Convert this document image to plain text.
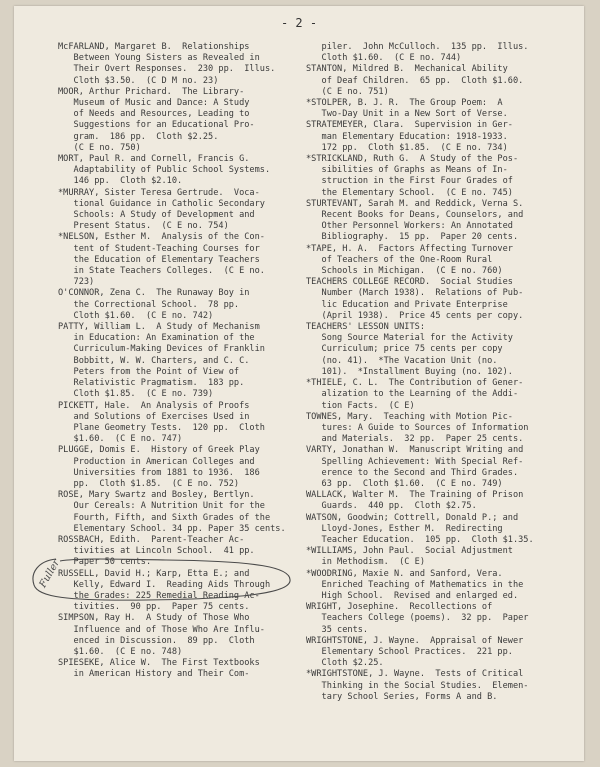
- 2 -

McFARLAND, Margaret B.  Relationships
Between Young Sisters as Revealed in
Their Overt Responses.  230 pp.  Illus.
Cloth $3.50.  (C D M no. 23)

MOOR, Arthur Prichard.  The Library-
Museum of Music and Dance: A Study
of Needs and Resources, Leading to
Suggestions for an Educational Pro-
gram.  186 pp.  Cloth $2.25.
(C E no. 750)

MORT, Paul R. and Cornell, Francis G.
Adaptability of Public School Systems.
146 pp.  Cloth $2.10.

*MURRAY, Sister Teresa Gertrude.  Voca-
tional Guidance in Catholic Secondary
Schools: A Study of Development and
Present Status.  (C E no. 754)

*NELSON, Esther M.  Analysis of the Con-
tent of Student-Teaching Courses for
the Education of Elementary Teachers
in State Teachers Colleges.  (C E no.
723)

O'CONNOR, Zena C.  The Runaway Boy in
the Correctional School.  78 pp.
Cloth $1.60.  (C E no. 742)

PATTY, William L.  A Study of Mechanism
in Education: An Examination of the
Curriculum-Making Devices of Franklin
Bobbitt, W. W. Charters, and C. C.
Peters from the Point of View of
Relativistic Pragmatism.  183 pp.
Cloth $1.85.  (C E no. 739)

PICKETT, Hale.  An Analysis of Proofs
and Solutions of Exercises Used in
Plane Geometry Tests.  120 pp.  Cloth
$1.60.  (C E no. 747)

PLUGGE, Domis E.  History of Greek Play
Production in American Colleges and
Universities from 1881 to 1936.  186
pp.  Cloth $1.85.  (C E no. 752)

ROSE, Mary Swartz and Bosley, Bertlyn.
Our Cereals: A Nutrition Unit for the
Fourth, Fifth, and Sixth Grades of the
Elementary School. 34 pp. Paper 35 cents.

ROSSBACH, Edith.  Parent-Teacher Ac-
tivities at Lincoln School.  41 pp.
Paper 50 cents.

RUSSELL, David H.; Karp, Etta E.; and
Kelly, Edward I.  Reading Aids Through
the Grades: 225 Remedial Reading Ac-
tivities.  90 pp.  Paper 75 cents.

SIMPSON, Ray H.  A Study of Those Who
Influence and of Those Who Are Influ-
enced in Discussion.  89 pp.  Cloth
$1.60.  (C E no. 748)

SPIESEKE, Alice W.  The First Textbooks
in American History and Their Com-

piler.  John McCulloch.  135 pp.  Illus.
Cloth $1.60.  (C E no. 744)

STANTON, Mildred B.  Mechanical Ability
of Deaf Children.  65 pp.  Cloth $1.60.
(C E no. 751)

*STOLPER, B. J. R.  The Group Poem:  A
Two-Day Unit in a New Sort of Verse.

STRATEMEYER, Clara.  Supervision in Ger-
man Elementary Education: 1918-1933.
172 pp.  Cloth $1.85.  (C E no. 734)

*STRICKLAND, Ruth G.  A Study of the Pos-
sibilities of Graphs as Means of In-
struction in the First Four Grades of
the Elementary School.  (C E no. 745)

STURTEVANT, Sarah M. and Reddick, Verna S.
Recent Books for Deans, Counselors, and
Other Personnel Workers: An Annotated
Bibliography.  15 pp.  Paper 20 cents.

*TAPE, H. A.  Factors Affecting Turnover
of Teachers of the One-Room Rural
Schools in Michigan.  (C E no. 760)

TEACHERS COLLEGE RECORD.  Social Studies
Number (March 1938).  Relations of Pub-
lic Education and Private Enterprise
(April 1938).  Price 45 cents per copy.

TEACHERS' LESSON UNITS:
Song Source Material for the Activity
Curriculum; price 75 cents per copy
(no. 41).  *The Vacation Unit (no.
101).  *Installment Buying (no. 102).

*THIELE, C. L.  The Contribution of Gener-
alization to the Learning of the Addi-
tion Facts.  (C E)

TOWNES, Mary.  Teaching with Motion Pic-
tures: A Guide to Sources of Information
and Materials.  32 pp.  Paper 25 cents.

VARTY, Jonathan W.  Manuscript Writing and
Spelling Achievement: With Special Ref-
erence to the Second and Third Grades.
63 pp.  Cloth $1.60.  (C E no. 749)

WALLACK, Walter M.  The Training of Prison
Guards.  440 pp.  Cloth $2.75.

WATSON, Goodwin; Cottrell, Donald P.; and
Lloyd-Jones, Esther M.  Redirecting
Teacher Education.  105 pp.  Cloth $1.35.

*WILLIAMS, John Paul.  Social Adjustment
in Methodism.  (C E)

*WOODRING, Maxie N. and Sanford, Vera.
Enriched Teaching of Mathematics in the
High School.  Revised and enlarged ed.

WRIGHT, Josephine.  Recollections of
Teachers College (poems).  32 pp.  Paper
35 cents.

WRIGHTSTONE, J. Wayne.  Appraisal of Newer
Elementary School Practices.  221 pp.
Cloth $2.25.

*WRIGHTSTONE, J. Wayne.  Tests of Critical
Thinking in the Social Studies.  Elemen-
tary School Series, Forms A and B.

Fuller
